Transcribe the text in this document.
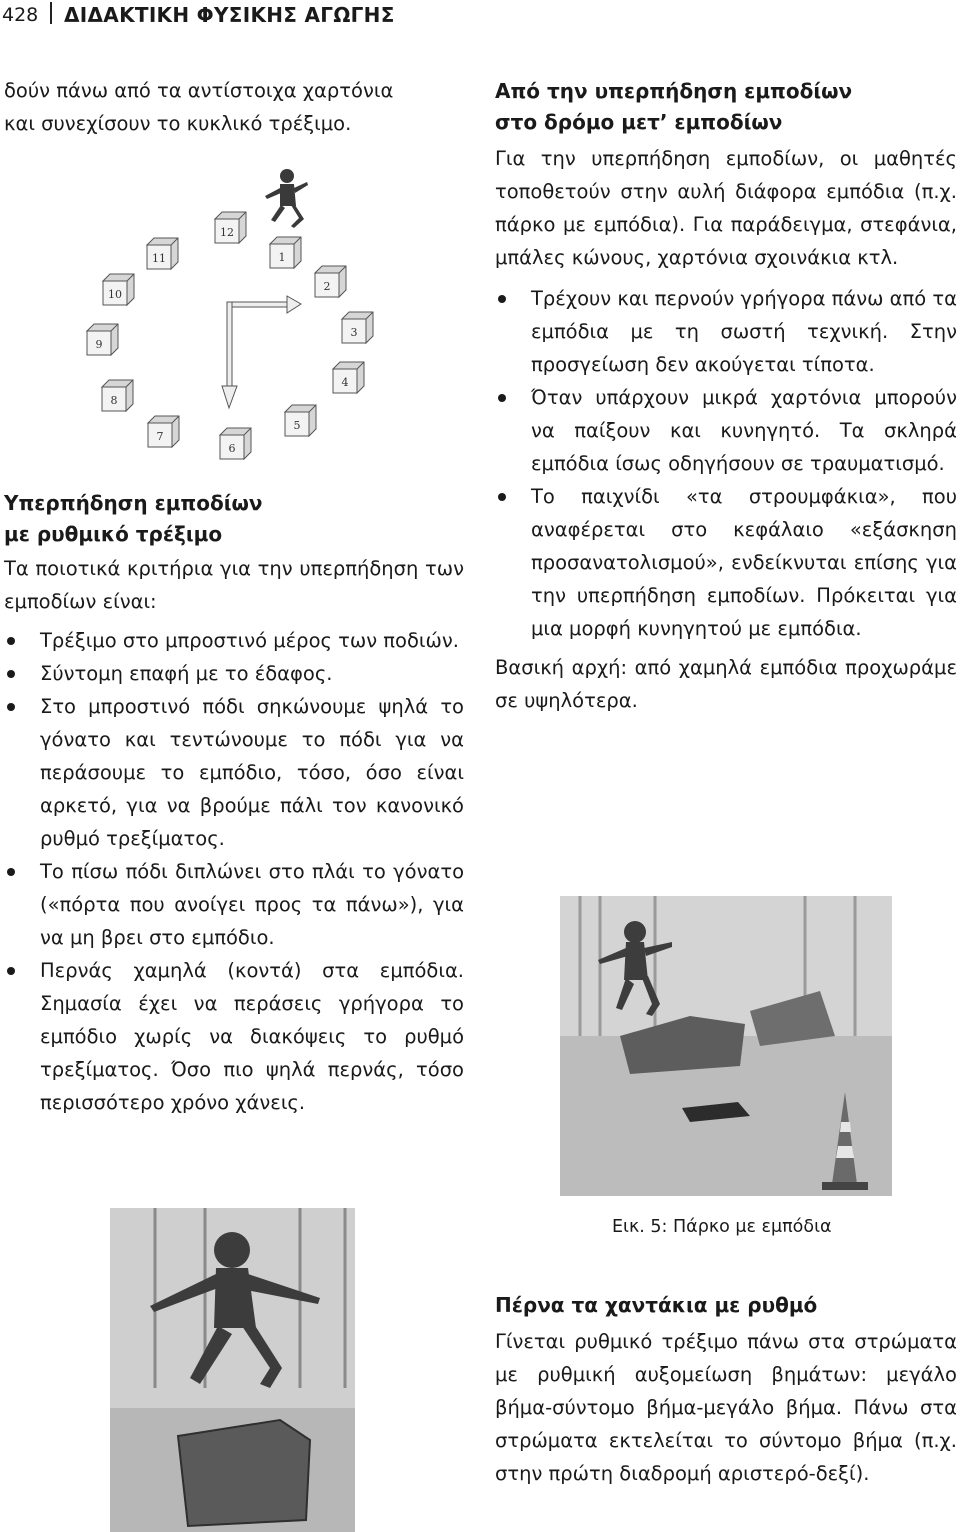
428 ΔΙΔΑΚΤΙΚΗ ΦΥΣΙΚΗΣ ΑΓΩΓΗΣ

δούν πάνω από τα αντίστοιχα χαρτόνια

και συνεχίσουν το κυκλικό τρέξιμο.

1
2
3
4
5
6
7
8
9
10
11
12
Υπερπήδηση εμποδίων
με ρυθμικό τρέξιμο

Τα ποιοτικά κριτήρια για την υπερπήδηση των εμποδίων είναι:

Τρέξιμο στο μπροστινό μέρος των ποδιών.
Σύντομη επαφή με το έδαφος.
Στο μπροστινό πόδι σηκώνουμε ψηλά το γόνατο και τεντώνουμε το πόδι για να περάσουμε το εμπόδιο, τόσο, όσο είναι αρκετό, για να βρούμε πάλι τον κανονικό ρυθμό τρεξίματος.
Το πίσω πόδι διπλώνει στο πλάι το γόνατο («πόρτα που ανοίγει προς τα πάνω»), για να μη βρει στο εμπόδιο.
Περνάς χαμηλά (κοντά) στα εμπόδια. Σημασία έχει να περάσεις γρήγορα το εμπόδιο χωρίς να διακόψεις το ρυθμό τρεξίματος. Όσο πιο ψηλά περνάς, τόσο περισσότερο χρόνο χάνεις.
Από την υπερπήδηση εμποδίων
στο δρόμο μετ’ εμποδίων

Για την υπερπήδηση εμποδίων, οι μαθητές τοποθετούν στην αυλή διάφορα εμπόδια (π.χ. πάρκο με εμπόδια). Για παράδειγμα, στεφάνια, μπάλες κώνους, χαρτόνια σχοινάκια κτλ.

Τρέχουν και περνούν γρήγορα πάνω από τα εμπόδια με τη σωστή τεχνική. Στην προσγείωση δεν ακούγεται τίποτα.
Όταν υπάρχουν μικρά χαρτόνια μπορούν να παίξουν και κυνηγητό. Τα σκληρά εμπόδια ίσως οδηγήσουν σε τραυματισμό.
Το παιχνίδι «τα στρουμφάκια», που αναφέρεται στο κεφάλαιο «εξάσκηση προσανατολισμού», ενδείκνυται επίσης για την υπερπήδηση εμποδίων. Πρόκειται για μια μορφή κυνηγητού με εμπόδια.

Βασική αρχή: από χαμηλά εμπόδια προχωράμε σε υψηλότερα.

Εικ. 5: Πάρκο με εμπόδια
Πέρνα τα χαντάκια με ρυθμό

Γίνεται ρυθμικό τρέξιμο πάνω στα στρώματα με ρυθμική αυξομείωση βημάτων: μεγάλο βήμα-σύντομο βήμα-μεγάλο βήμα. Πάνω στα στρώματα εκτελείται το σύντομο βήμα (π.χ. στην πρώτη διαδρομή αριστερό-δεξί).
